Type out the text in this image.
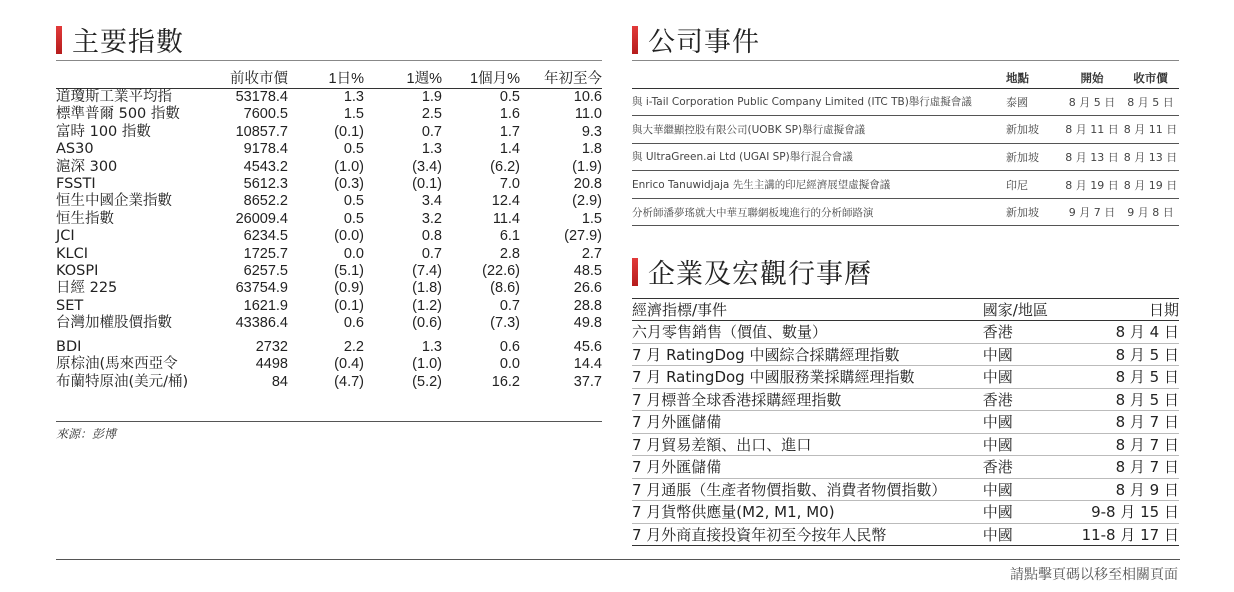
主要指數
	前收市價	1日%	1週%	1個月%	年初至今
道瓊斯工業平均指	53178.4	1.3	1.9	0.5	10.6
標準普爾 500 指數	7600.5	1.5	2.5	1.6	11.0
富時 100 指數	10857.7	(0.1)	0.7	1.7	9.3
AS30	9178.4	0.5	1.3	1.4	1.8
滬深 300	4543.2	(1.0)	(3.4)	(6.2)	(1.9)
FSSTI	5612.3	(0.3)	(0.1)	7.0	20.8
恒生中國企業指數	8652.2	0.5	3.4	12.4	(2.9)
恒生指數	26009.4	0.5	3.2	11.4	1.5
JCI	6234.5	(0.0)	0.8	6.1	(27.9)
KLCI	1725.7	0.0	0.7	2.8	2.7
KOSPI	6257.5	(5.1)	(7.4)	(22.6)	48.5
日經 225	63754.9	(0.9)	(1.8)	(8.6)	26.6
SET	1621.9	(0.1)	(1.2)	0.7	28.8
台灣加權股價指數	43386.4	0.6	(0.6)	(7.3)	49.8
BDI	2732	2.2	1.3	0.6	45.6
原棕油(馬來西亞令	4498	(0.4)	(1.0)	0.0	14.4
布蘭特原油(美元/桶)	84	(4.7)	(5.2)	16.2	37.7
來源：彭博
公司事件
	地點	開始	收市價
與 i-Tail Corporation Public Company Limited (ITC TB)舉行虛擬會議	泰國	8 月 5 日	8 月 5 日
與大華繼顯控股有限公司(UOBK SP)舉行虛擬會議	新加坡	8 月 11 日	8 月 11 日
與 UltraGreen.ai Ltd (UGAI SP)舉行混合會議	新加坡	8 月 13 日	8 月 13 日
Enrico Tanuwidjaja 先生主講的印尼經濟展望虛擬會議	印尼	8 月 19 日	8 月 19 日
分析師潘夢瑤就大中華互聯網板塊進行的分析師路演	新加坡	9 月 7 日	9 月 8 日
企業及宏觀行事曆
經濟指標/事件	國家/地區	日期
六月零售銷售（價值、數量）	香港	8 月 4 日
7 月 RatingDog 中國綜合採購經理指數	中國	8 月 5 日
7 月 RatingDog 中國服務業採購經理指數	中國	8 月 5 日
7 月標普全球香港採購經理指數	香港	8 月 5 日
7 月外匯儲備	中國	8 月 7 日
7 月貿易差額、出口、進口	中國	8 月 7 日
7 月外匯儲備	香港	8 月 7 日
7 月通脹（生產者物價指數、消費者物價指數）	中國	8 月 9 日
7 月貨幣供應量(M2, M1, M0)	中國	9-8 月 15 日
7 月外商直接投資年初至今按年人民幣	中國	11-8 月 17 日
請點擊頁碼以移至相關頁面
